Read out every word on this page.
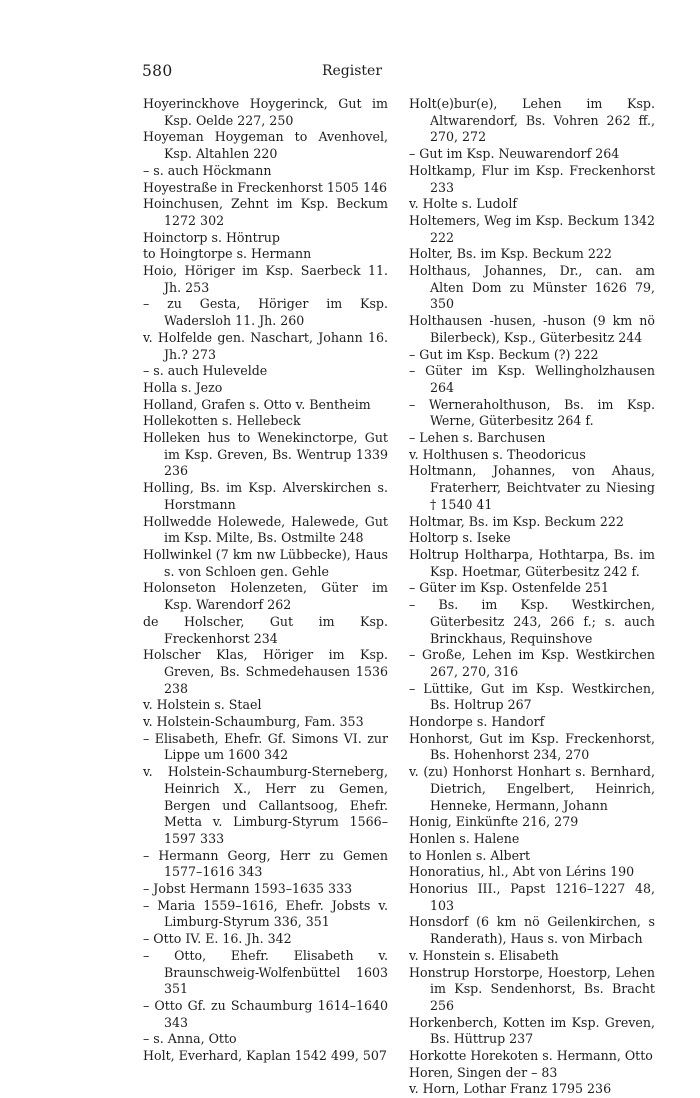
580	Register

Hoyerinckhove Hoygerinck, Gut im Ksp. Oelde 227, 250

Hoyeman Hoygeman to Avenhovel, Ksp. Altahlen 220

– s. auch Höckmann

Hoyestraße in Freckenhorst 1505 146

Hoinchusen, Zehnt im Ksp. Beckum 1272 302

Hoinctorp s. Höntrup

to Hoingtorpe s. Hermann

Hoio, Höriger im Ksp. Saerbeck 11. Jh. 253

– zu Gesta, Höriger im Ksp. Wadersloh 11. Jh. 260

v. Holfelde gen. Naschart, Johann 16. Jh.? 273

– s. auch Hulevelde

Holla s. Jezo

Holland, Grafen s. Otto v. Bentheim

Hollekotten s. Hellebeck

Holleken hus to Wenekinctorpe, Gut im Ksp. Greven, Bs. Wentrup 1339 236

Holling, Bs. im Ksp. Alverskirchen s. Horstmann

Hollwedde Holewede, Halewede, Gut im Ksp. Milte, Bs. Ostmilte 248

Hollwinkel (7 km nw Lübbecke), Haus s. von Schloen gen. Gehle

Holonseton Holenzeten, Güter im Ksp. Warendorf 262

de Holscher, Gut im Ksp. Freckenhorst 234

Holscher Klas, Höriger im Ksp. Greven, Bs. Schmedehausen 1536 238

v. Holstein s. Stael

v. Holstein-Schaumburg, Fam. 353

– Elisabeth, Ehefr. Gf. Simons VI. zur Lippe um 1600 342

v. Holstein-Schaumburg-Sterneberg, Heinrich X., Herr zu Gemen, Bergen und Callantsoog, Ehefr. Metta v. Limburg-Styrum 1566–1597 333

– Hermann Georg, Herr zu Gemen 1577–1616 343

– Jobst Hermann 1593–1635 333

– Maria 1559–1616, Ehefr. Jobsts v. Limburg-Styrum 336, 351

– Otto IV. E. 16. Jh. 342

– Otto, Ehefr. Elisabeth v. Braunschweig-Wolfenbüttel 1603 351

– Otto Gf. zu Schaumburg 1614–1640 343

– s. Anna, Otto

Holt, Everhard, Kaplan 1542 499, 507

Holt(e)bur(e), Lehen im Ksp. Altwarendorf, Bs. Vohren 262 ff., 270, 272

– Gut im Ksp. Neuwarendorf 264

Holtkamp, Flur im Ksp. Freckenhorst 233

v. Holte s. Ludolf

Holtemers, Weg im Ksp. Beckum 1342 222

Holter, Bs. im Ksp. Beckum 222

Holthaus, Johannes, Dr., can. am Alten Dom zu Münster 1626 79, 350

Holthausen -husen, -huson (9 km nö Bilerbeck), Ksp., Güterbesitz 244

– Gut im Ksp. Beckum (?) 222

– Güter im Ksp. Wellingholzhausen 264

– Werneraholthuson, Bs. im Ksp. Werne, Güterbesitz 264 f.

– Lehen s. Barchusen

v. Holthusen s. Theodoricus

Holtmann, Johannes, von Ahaus, Fraterherr, Beichtvater zu Niesing † 1540 41

Holtmar, Bs. im Ksp. Beckum 222

Holtorp s. Iseke

Holtrup Holtharpa, Hothtarpa, Bs. im Ksp. Hoetmar, Güterbesitz 242 f.

– Güter im Ksp. Ostenfelde 251

– Bs. im Ksp. Westkirchen, Güterbesitz 243, 266 f.; s. auch Brinckhaus, Requinshove

– Große, Lehen im Ksp. Westkirchen 267, 270, 316

– Lüttike, Gut im Ksp. Westkirchen, Bs. Holtrup 267

Hondorpe s. Handorf

Honhorst, Gut im Ksp. Freckenhorst, Bs. Hohenhorst 234, 270

v. (zu) Honhorst Honhart s. Bernhard, Dietrich, Engelbert, Heinrich, Henneke, Hermann, Johann

Honig, Einkünfte 216, 279

Honlen s. Halene

to Honlen s. Albert

Honoratius, hl., Abt von Lérins 190

Honorius III., Papst 1216–1227 48, 103

Honsdorf (6 km nö Geilenkirchen, s Randerath), Haus s. von Mirbach

v. Honstein s. Elisabeth

Honstrup Horstorpe, Hoestorp, Lehen im Ksp. Sendenhorst, Bs. Bracht 256

Horkenberch, Kotten im Ksp. Greven, Bs. Hüttrup 237

Horkotte Horekoten s. Hermann, Otto

Horen, Singen der – 83

v. Horn, Lothar Franz 1795 236
